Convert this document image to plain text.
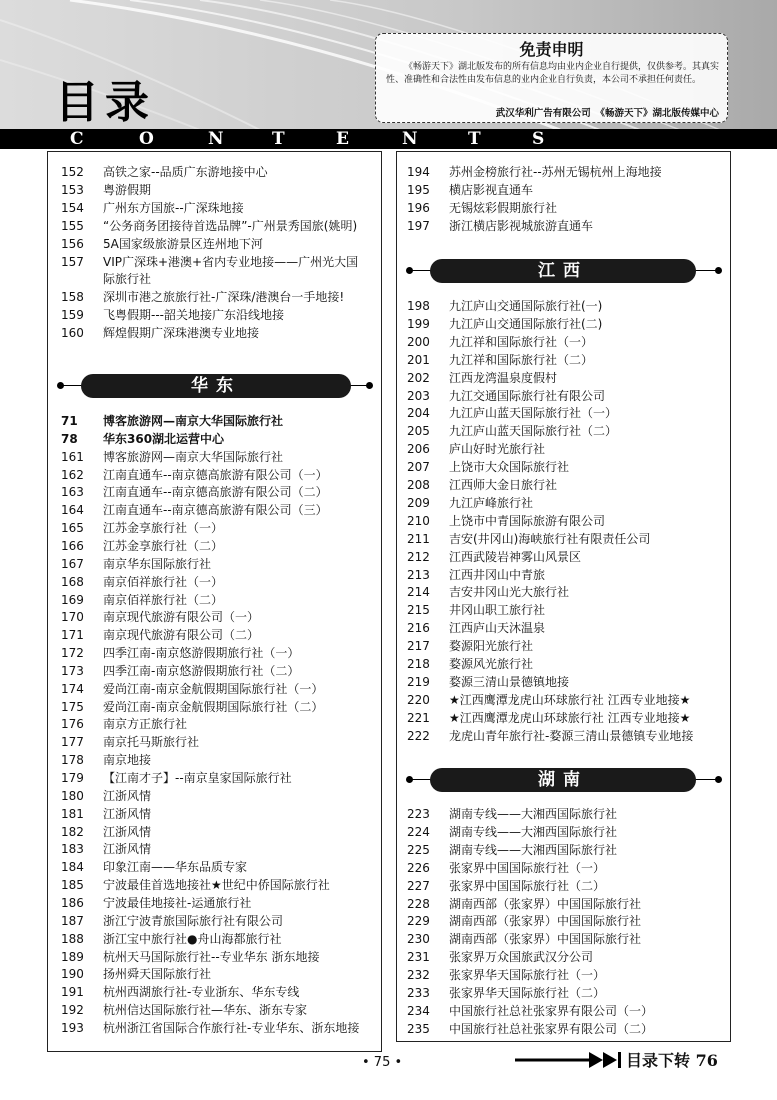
目录
C	O	N	T	E	N	T	S
免责申明
《畅游天下》湖北版发布的所有信息均由业内企业自行提供，仅供参考。其真实性、准确性和合法性由发布信息的业内企业自行负责，本公司不承担任何责任。
武汉华利广告有限公司　《畅游天下》湖北版传媒中心
152	高铁之家--品质广东游地接中心
153	粤游假期
154	广州东方国旅--广深珠地接
155	“公务商务团接待首选品牌”-广州景秀国旅(姚明)
156	5A国家级旅游景区连州地下河
157	VIP广深珠+港澳+省内专业地接——广州光大国
际旅行社
158	深圳市港之旅旅行社-广深珠/港澳台一手地接!
159	飞粤假期---韶关地接广东沿线地接
160	辉煌假期广深珠港澳专业地接
华东
71	博客旅游网—南京大华国际旅行社
78	华东360湖北运营中心
161	博客旅游网—南京大华国际旅行社
162	江南直通车--南京德高旅游有限公司（一）
163	江南直通车--南京德高旅游有限公司（二）
164	江南直通车--南京德高旅游有限公司（三）
165	江苏金享旅行社（一）
166	江苏金享旅行社（二）
167	南京华东国际旅行社
168	南京佰祥旅行社（一）
169	南京佰祥旅行社（二）
170	南京现代旅游有限公司（一）
171	南京现代旅游有限公司（二）
172	四季江南-南京悠游假期旅行社（一）
173	四季江南-南京悠游假期旅行社（二）
174	爱尚江南-南京金航假期国际旅行社（一）
175	爱尚江南-南京金航假期国际旅行社（二）
176	南京方正旅行社
177	南京托马斯旅行社
178	南京地接
179	【江南才子】--南京皇家国际旅行社
180	江浙风情
181	江浙风情
182	江浙风情
183	江浙风情
184	印象江南——华东品质专家
185	宁波最佳首选地接社★世纪中侨国际旅行社
186	宁波最佳地接社-运通旅行社
187	浙江宁波青旅国际旅行社有限公司
188	浙江宝中旅行社●舟山海都旅行社
189	杭州天马国际旅行社--专业华东 浙东地接
190	扬州舜天国际旅行社
191	杭州西湖旅行社-专业浙东、华东专线
192	杭州信达国际旅行社—华东、浙东专家
193	杭州浙江省国际合作旅行社-专业华东、浙东地接
194	苏州金榜旅行社--苏州无锡杭州上海地接
195	横店影视直通车
196	无锡炫彩假期旅行社
197	浙江横店影视城旅游直通车
江西
198	九江庐山交通国际旅行社(一)
199	九江庐山交通国际旅行社(二)
200	九江祥和国际旅行社（一）
201	九江祥和国际旅行社（二）
202	江西龙湾温泉度假村
203	九江交通国际旅行社有限公司
204	九江庐山蓝天国际旅行社（一）
205	九江庐山蓝天国际旅行社（二）
206	庐山好时光旅行社
207	上饶市大众国际旅行社
208	江西师大金日旅行社
209	九江庐峰旅行社
210	上饶市中青国际旅游有限公司
211	吉安(井冈山)海峡旅行社有限责任公司
212	江西武陵岩神雾山风景区
213	江西井冈山中青旅
214	吉安井冈山光大旅行社
215	井冈山职工旅行社
216	江西庐山天沐温泉
217	婺源阳光旅行社
218	婺源风光旅行社
219	婺源三清山景德镇地接
220	★江西鹰潭龙虎山环球旅行社 江西专业地接★
221	★江西鹰潭龙虎山环球旅行社 江西专业地接★
222	龙虎山青年旅行社-婺源三清山景德镇专业地接
湖南
223	湖南专线——大湘西国际旅行社
224	湖南专线——大湘西国际旅行社
225	湖南专线——大湘西国际旅行社
226	张家界中国国际旅行社（一）
227	张家界中国国际旅行社（二）
228	湖南西部（张家界）中国国际旅行社
229	湖南西部（张家界）中国国际旅行社
230	湖南西部（张家界）中国国际旅行社
231	张家界万众国旅武汉分公司
232	张家界华天国际旅行社（一）
233	张家界华天国际旅行社（二）
234	中国旅行社总社张家界有限公司（一）
235	中国旅行社总社张家界有限公司（二）
• 75 •	目录下转 76
